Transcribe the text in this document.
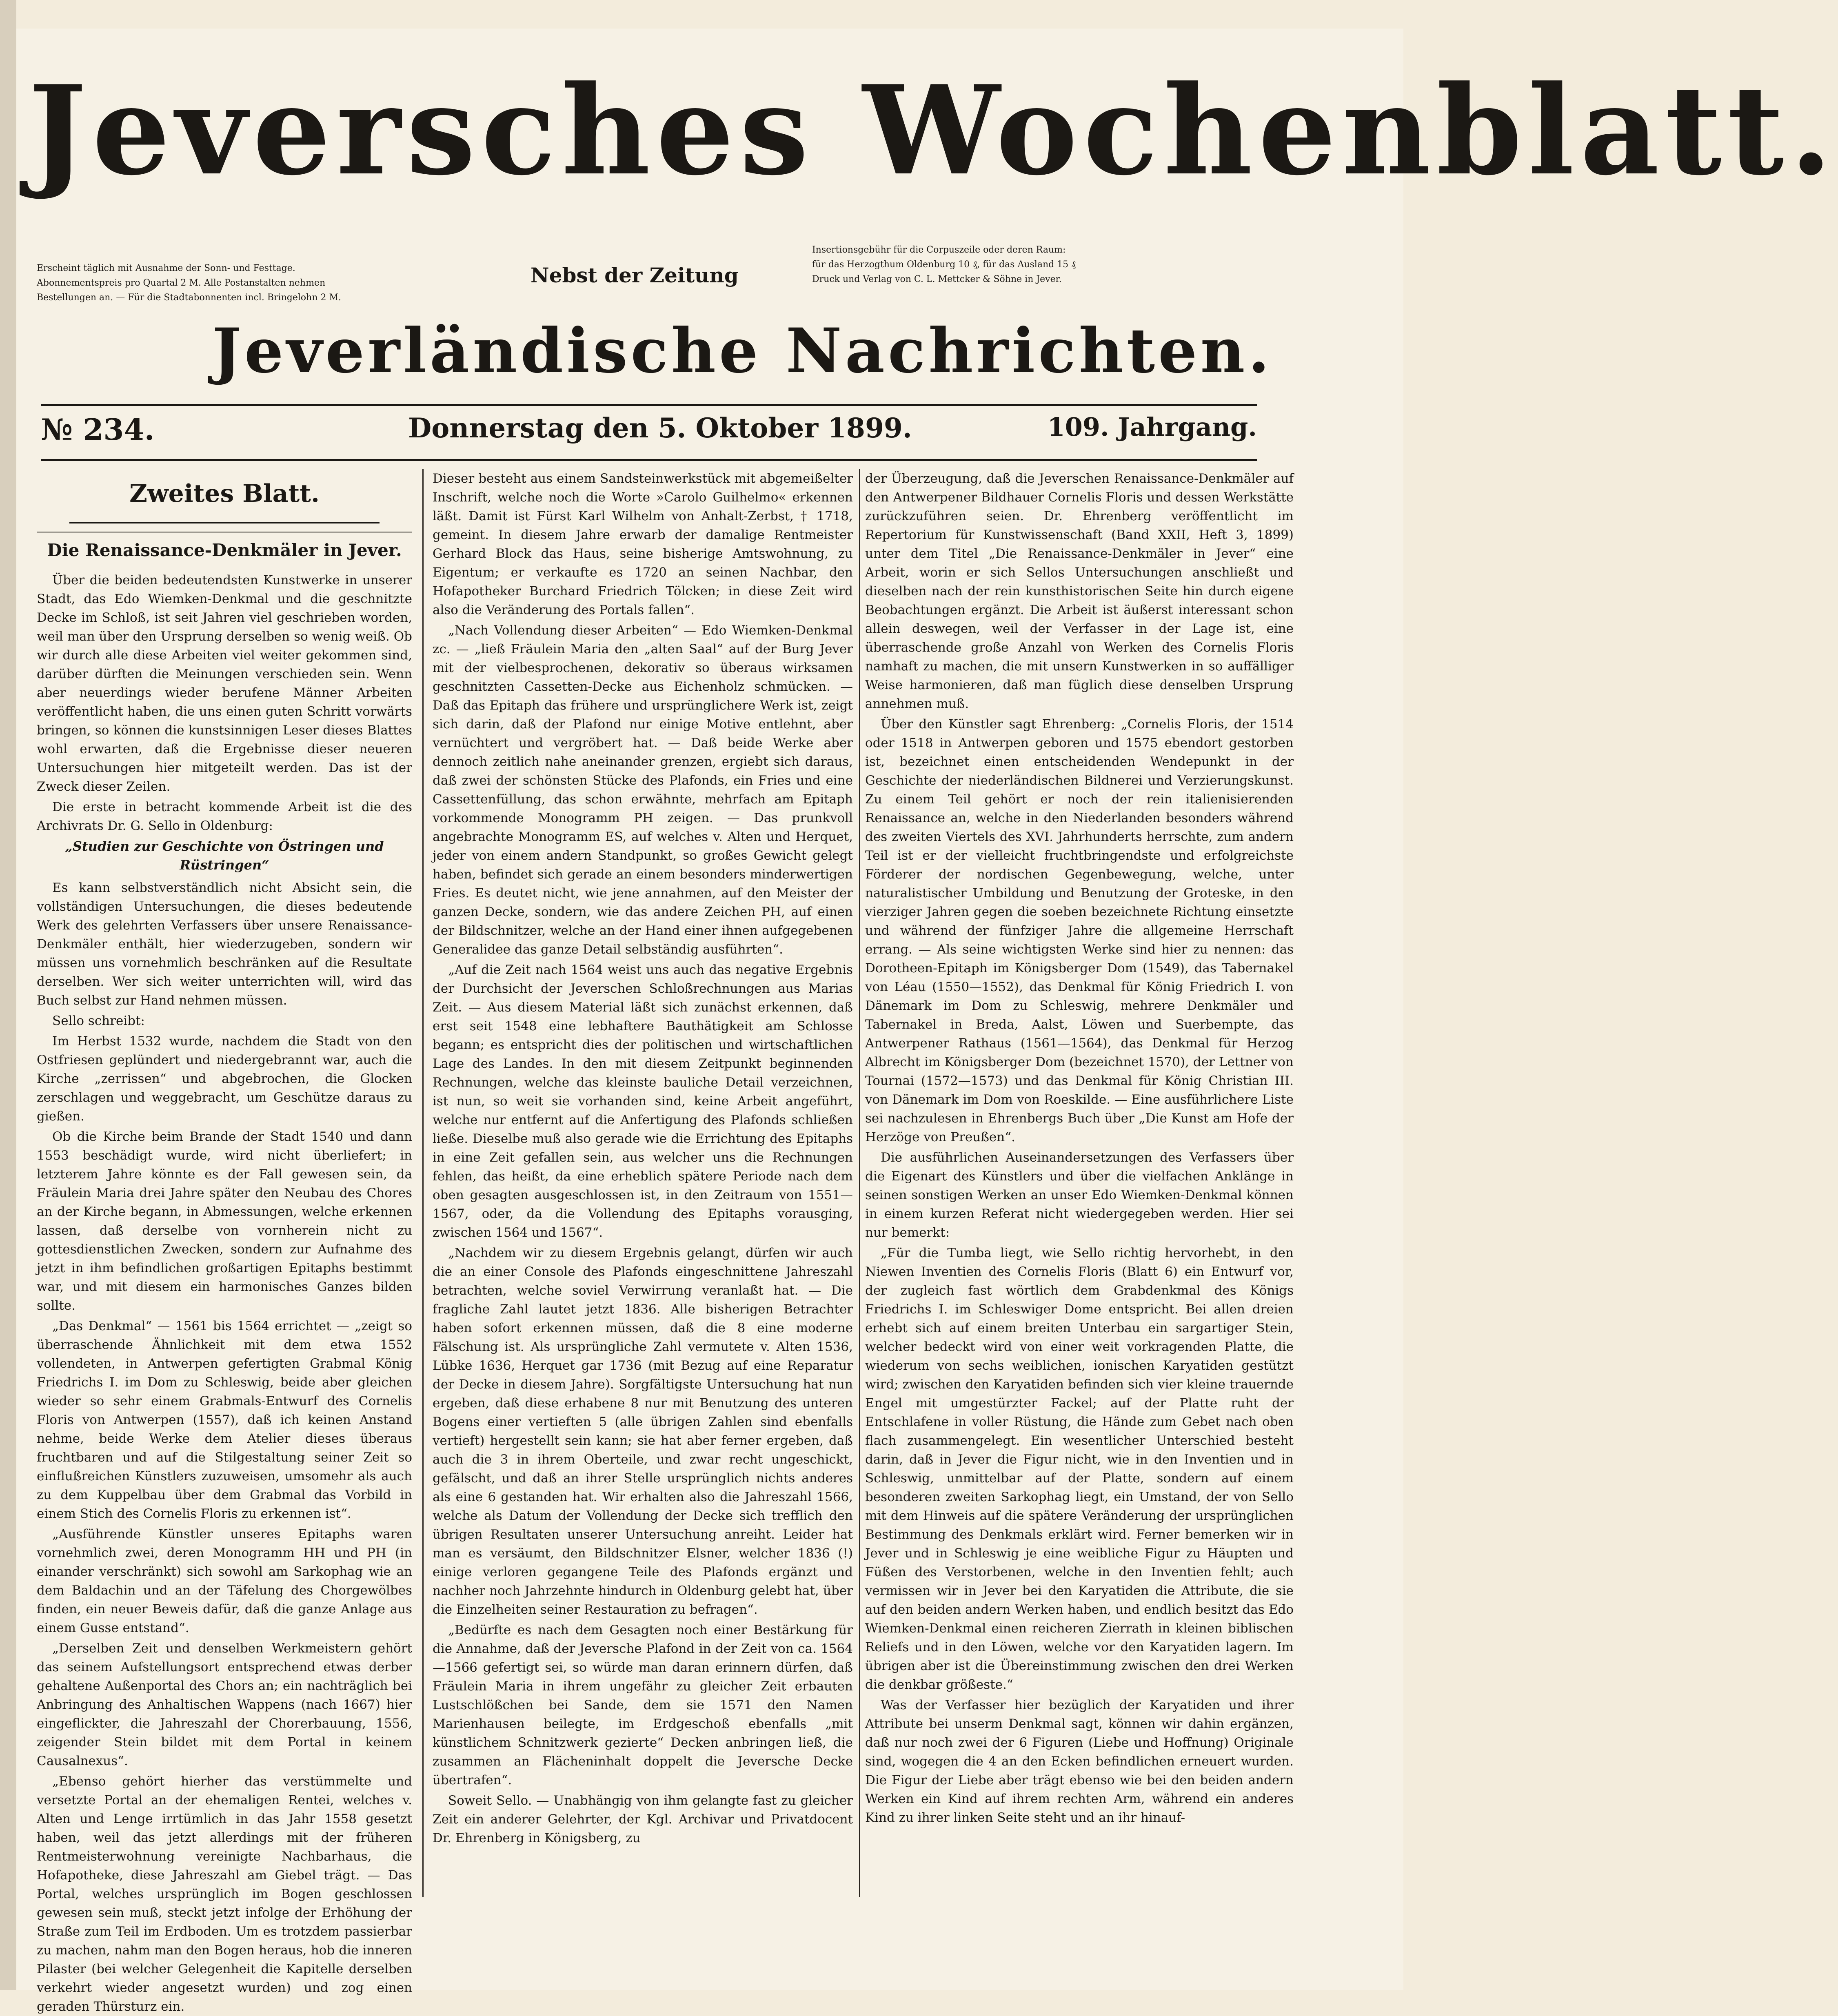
Jeversches Wochenblatt.
Erscheint täglich mit Ausnahme der Sonn- und Festtage.
Abonnementspreis pro Quartal 2 M. Alle Postanstalten nehmen
Bestellungen an. — Für die Stadtabonnenten incl. Bringelohn 2 M.
Nebst der Zeitung
Insertionsgebühr für die Corpuszeile oder deren Raum:
für das Herzogthum Oldenburg 10 ₰, für das Ausland 15 ₰
Druck und Verlag von C. L. Mettcker & Söhne in Jever.
Jeverländische Nachrichten.
№ 234.	Donnerstag den 5. Oktober 1899.	109. Jahrgang.
Zweites Blatt.
Die Renaissance-Denkmäler in Jever.

Über die beiden bedeutendsten Kunstwerke in unserer Stadt, das Edo Wiemken-Denkmal und die geschnitzte Decke im Schloß, ist seit Jahren viel geschrieben worden, weil man über den Ursprung derselben so wenig weiß. Ob wir durch alle diese Arbeiten viel weiter gekommen sind, darüber dürften die Meinungen verschieden sein. Wenn aber neuerdings wieder berufene Männer Arbeiten veröffentlicht haben, die uns einen guten Schritt vorwärts bringen, so können die kunstsinnigen Leser dieses Blattes wohl erwarten, daß die Ergebnisse dieser neueren Untersuchungen hier mitgeteilt werden. Das ist der Zweck dieser Zeilen.

Die erste in betracht kommende Arbeit ist die des Archivrats Dr. G. Sello in Oldenburg:

„Studien zur Geschichte von Östringen und Rüstringen“

Es kann selbstverständlich nicht Absicht sein, die vollständigen Untersuchungen, die dieses bedeutende Werk des gelehrten Verfassers über unsere Renaissance-Denkmäler enthält, hier wiederzugeben, sondern wir müssen uns vornehmlich beschränken auf die Resultate derselben. Wer sich weiter unterrichten will, wird das Buch selbst zur Hand nehmen müssen.

Sello schreibt:

Im Herbst 1532 wurde, nachdem die Stadt von den Ostfriesen geplündert und niedergebrannt war, auch die Kirche „zerrissen“ und abgebrochen, die Glocken zerschlagen und weggebracht, um Geschütze daraus zu gießen.

Ob die Kirche beim Brande der Stadt 1540 und dann 1553 beschädigt wurde, wird nicht überliefert; in letzterem Jahre könnte es der Fall gewesen sein, da Fräulein Maria drei Jahre später den Neubau des Chores an der Kirche begann, in Abmessungen, welche erkennen lassen, daß derselbe von vornherein nicht zu gottesdienstlichen Zwecken, sondern zur Aufnahme des jetzt in ihm befindlichen großartigen Epitaphs bestimmt war, und mit diesem ein harmonisches Ganzes bilden sollte.

„Das Denkmal“ — 1561 bis 1564 errichtet — „zeigt so überraschende Ähnlichkeit mit dem etwa 1552 vollendeten, in Antwerpen gefertigten Grabmal König Friedrichs I. im Dom zu Schleswig, beide aber gleichen wieder so sehr einem Grabmals-Entwurf des Cornelis Floris von Antwerpen (1557), daß ich keinen Anstand nehme, beide Werke dem Atelier dieses überaus fruchtbaren und auf die Stilgestaltung seiner Zeit so einflußreichen Künstlers zuzuweisen, umsomehr als auch zu dem Kuppelbau über dem Grabmal das Vorbild in einem Stich des Cornelis Floris zu erkennen ist“.

„Ausführende Künstler unseres Epitaphs waren vornehmlich zwei, deren Monogramm HH und PH (in einander verschränkt) sich sowohl am Sarkophag wie an dem Baldachin und an der Täfelung des Chorgewölbes finden, ein neuer Beweis dafür, daß die ganze Anlage aus einem Gusse entstand“.

„Derselben Zeit und denselben Werkmeistern gehört das seinem Aufstellungsort entsprechend etwas derber gehaltene Außenportal des Chors an; ein nachträglich bei Anbringung des Anhaltischen Wappens (nach 1667) hier eingeflickter, die Jahreszahl der Chorerbauung, 1556, zeigender Stein bildet mit dem Portal in keinem Causalnexus“.

„Ebenso gehört hierher das verstümmelte und versetzte Portal an der ehemaligen Rentei, welches v. Alten und Lenge irrtümlich in das Jahr 1558 gesetzt haben, weil das jetzt allerdings mit der früheren Rentmeisterwohnung vereinigte Nachbarhaus, die Hofapotheke, diese Jahreszahl am Giebel trägt. — Das Portal, welches ursprünglich im Bogen geschlossen gewesen sein muß, steckt jetzt infolge der Erhöhung der Straße zum Teil im Erdboden. Um es trotzdem passierbar zu machen, nahm man den Bogen heraus, hob die inneren Pilaster (bei welcher Gelegenheit die Kapitelle derselben verkehrt wieder angesetzt wurden) und zog einen geraden Thürsturz ein.

Dieser besteht aus einem Sandsteinwerkstück mit abgemeißelter Inschrift, welche noch die Worte »Carolo Guilhelmo« erkennen läßt. Damit ist Fürst Karl Wilhelm von Anhalt-Zerbst, † 1718, gemeint. In diesem Jahre erwarb der damalige Rentmeister Gerhard Block das Haus, seine bisherige Amtswohnung, zu Eigentum; er verkaufte es 1720 an seinen Nachbar, den Hofapotheker Burchard Friedrich Tölcken; in diese Zeit wird also die Veränderung des Portals fallen“.

„Nach Vollendung dieser Arbeiten“ — Edo Wiemken-Denkmal zc. — „ließ Fräulein Maria den „alten Saal“ auf der Burg Jever mit der vielbesprochenen, dekorativ so überaus wirksamen geschnitzten Cassetten-Decke aus Eichenholz schmücken. — Daß das Epitaph das frühere und ursprünglichere Werk ist, zeigt sich darin, daß der Plafond nur einige Motive entlehnt, aber vernüchtert und vergröbert hat. — Daß beide Werke aber dennoch zeitlich nahe aneinander grenzen, ergiebt sich daraus, daß zwei der schönsten Stücke des Plafonds, ein Fries und eine Cassettenfüllung, das schon erwähnte, mehrfach am Epitaph vorkommende Monogramm PH zeigen. — Das prunkvoll angebrachte Monogramm ES, auf welches v. Alten und Herquet, jeder von einem andern Standpunkt, so großes Gewicht gelegt haben, befindet sich gerade an einem besonders minderwertigen Fries. Es deutet nicht, wie jene annahmen, auf den Meister der ganzen Decke, sondern, wie das andere Zeichen PH, auf einen der Bildschnitzer, welche an der Hand einer ihnen aufgegebenen Generalidee das ganze Detail selbständig ausführten“.

„Auf die Zeit nach 1564 weist uns auch das negative Ergebnis der Durchsicht der Jeverschen Schloßrechnungen aus Marias Zeit. — Aus diesem Material läßt sich zunächst erkennen, daß erst seit 1548 eine lebhaftere Bauthätigkeit am Schlosse begann; es entspricht dies der politischen und wirtschaftlichen Lage des Landes. In den mit diesem Zeitpunkt beginnenden Rechnungen, welche das kleinste bauliche Detail verzeichnen, ist nun, so weit sie vorhanden sind, keine Arbeit angeführt, welche nur entfernt auf die Anfertigung des Plafonds schließen ließe. Dieselbe muß also gerade wie die Errichtung des Epitaphs in eine Zeit gefallen sein, aus welcher uns die Rechnungen fehlen, das heißt, da eine erheblich spätere Periode nach dem oben gesagten ausgeschlossen ist, in den Zeitraum von 1551—1567, oder, da die Vollendung des Epitaphs vorausging, zwischen 1564 und 1567“.

„Nachdem wir zu diesem Ergebnis gelangt, dürfen wir auch die an einer Console des Plafonds eingeschnittene Jahreszahl betrachten, welche soviel Verwirrung veranlaßt hat. — Die fragliche Zahl lautet jetzt 1836. Alle bisherigen Betrachter haben sofort erkennen müssen, daß die 8 eine moderne Fälschung ist. Als ursprüngliche Zahl vermutete v. Alten 1536, Lübke 1636, Herquet gar 1736 (mit Bezug auf eine Reparatur der Decke in diesem Jahre). Sorgfältigste Untersuchung hat nun ergeben, daß diese erhabene 8 nur mit Benutzung des unteren Bogens einer vertieften 5 (alle übrigen Zahlen sind ebenfalls vertieft) hergestellt sein kann; sie hat aber ferner ergeben, daß auch die 3 in ihrem Oberteile, und zwar recht ungeschickt, gefälscht, und daß an ihrer Stelle ursprünglich nichts anderes als eine 6 gestanden hat. Wir erhalten also die Jahreszahl 1566, welche als Datum der Vollendung der Decke sich trefflich den übrigen Resultaten unserer Untersuchung anreiht. Leider hat man es versäumt, den Bildschnitzer Elsner, welcher 1836 (!) einige verloren gegangene Teile des Plafonds ergänzt und nachher noch Jahrzehnte hindurch in Oldenburg gelebt hat, über die Einzelheiten seiner Restauration zu befragen“.

„Bedürfte es nach dem Gesagten noch einer Bestärkung für die Annahme, daß der Jeversche Plafond in der Zeit von ca. 1564—1566 gefertigt sei, so würde man daran erinnern dürfen, daß Fräulein Maria in ihrem ungefähr zu gleicher Zeit erbauten Lustschlößchen bei Sande, dem sie 1571 den Namen Marienhausen beilegte, im Erdgeschoß ebenfalls „mit künstlichem Schnitzwerk gezierte“ Decken anbringen ließ, die zusammen an Flächeninhalt doppelt die Jeversche Decke übertrafen“.

Soweit Sello. — Unabhängig von ihm gelangte fast zu gleicher Zeit ein anderer Gelehrter, der Kgl. Archivar und Privatdocent Dr. Ehrenberg in Königsberg, zu

der Überzeugung, daß die Jeverschen Renaissance-Denkmäler auf den Antwerpener Bildhauer Cornelis Floris und dessen Werkstätte zurückzuführen seien. Dr. Ehrenberg veröffentlicht im Repertorium für Kunstwissenschaft (Band XXII, Heft 3, 1899) unter dem Titel „Die Renaissance-Denkmäler in Jever“ eine Arbeit, worin er sich Sellos Untersuchungen anschließt und dieselben nach der rein kunsthistorischen Seite hin durch eigene Beobachtungen ergänzt. Die Arbeit ist äußerst interessant schon allein deswegen, weil der Verfasser in der Lage ist, eine überraschende große Anzahl von Werken des Cornelis Floris namhaft zu machen, die mit unsern Kunstwerken in so auffälliger Weise harmonieren, daß man füglich diese denselben Ursprung annehmen muß.

Über den Künstler sagt Ehrenberg: „Cornelis Floris, der 1514 oder 1518 in Antwerpen geboren und 1575 ebendort gestorben ist, bezeichnet einen entscheidenden Wendepunkt in der Geschichte der niederländischen Bildnerei und Verzierungskunst. Zu einem Teil gehört er noch der rein italienisierenden Renaissance an, welche in den Niederlanden besonders während des zweiten Viertels des XVI. Jahrhunderts herrschte, zum andern Teil ist er der vielleicht fruchtbringendste und erfolgreichste Förderer der nordischen Gegenbewegung, welche, unter naturalistischer Umbildung und Benutzung der Groteske, in den vierziger Jahren gegen die soeben bezeichnete Richtung einsetzte und während der fünfziger Jahre die allgemeine Herrschaft errang. — Als seine wichtigsten Werke sind hier zu nennen: das Dorotheen-Epitaph im Königsberger Dom (1549), das Tabernakel von Léau (1550—1552), das Denkmal für König Friedrich I. von Dänemark im Dom zu Schleswig, mehrere Denkmäler und Tabernakel in Breda, Aalst, Löwen und Suerbempte, das Antwerpener Rathaus (1561—1564), das Denkmal für Herzog Albrecht im Königsberger Dom (bezeichnet 1570), der Lettner von Tournai (1572—1573) und das Denkmal für König Christian III. von Dänemark im Dom von Roeskilde. — Eine ausführlichere Liste sei nachzulesen in Ehrenbergs Buch über „Die Kunst am Hofe der Herzöge von Preußen“.

Die ausführlichen Auseinandersetzungen des Verfassers über die Eigenart des Künstlers und über die vielfachen Anklänge in seinen sonstigen Werken an unser Edo Wiemken-Denkmal können in einem kurzen Referat nicht wiedergegeben werden. Hier sei nur bemerkt:

„Für die Tumba liegt, wie Sello richtig hervorhebt, in den Niewen Inventien des Cornelis Floris (Blatt 6) ein Entwurf vor, der zugleich fast wörtlich dem Grabdenkmal des Königs Friedrichs I. im Schleswiger Dome entspricht. Bei allen dreien erhebt sich auf einem breiten Unterbau ein sargartiger Stein, welcher bedeckt wird von einer weit vorkragenden Platte, die wiederum von sechs weiblichen, ionischen Karyatiden gestützt wird; zwischen den Karyatiden befinden sich vier kleine trauernde Engel mit umgestürzter Fackel; auf der Platte ruht der Entschlafene in voller Rüstung, die Hände zum Gebet nach oben flach zusammengelegt. Ein wesentlicher Unterschied besteht darin, daß in Jever die Figur nicht, wie in den Inventien und in Schleswig, unmittelbar auf der Platte, sondern auf einem besonderen zweiten Sarkophag liegt, ein Umstand, der von Sello mit dem Hinweis auf die spätere Veränderung der ursprünglichen Bestimmung des Denkmals erklärt wird. Ferner bemerken wir in Jever und in Schleswig je eine weibliche Figur zu Häupten und Füßen des Verstorbenen, welche in den Inventien fehlt; auch vermissen wir in Jever bei den Karyatiden die Attribute, die sie auf den beiden andern Werken haben, und endlich besitzt das Edo Wiemken-Denkmal einen reicheren Zierrath in kleinen biblischen Reliefs und in den Löwen, welche vor den Karyatiden lagern. Im übrigen aber ist die Übereinstimmung zwischen den drei Werken die denkbar größeste.“

Was der Verfasser hier bezüglich der Karyatiden und ihrer Attribute bei unserm Denkmal sagt, können wir dahin ergänzen, daß nur noch zwei der 6 Figuren (Liebe und Hoffnung) Originale sind, wogegen die 4 an den Ecken befindlichen erneuert wurden. Die Figur der Liebe aber trägt ebenso wie bei den beiden andern Werken ein Kind auf ihrem rechten Arm, während ein anderes Kind zu ihrer linken Seite steht und an ihr hinauf-
